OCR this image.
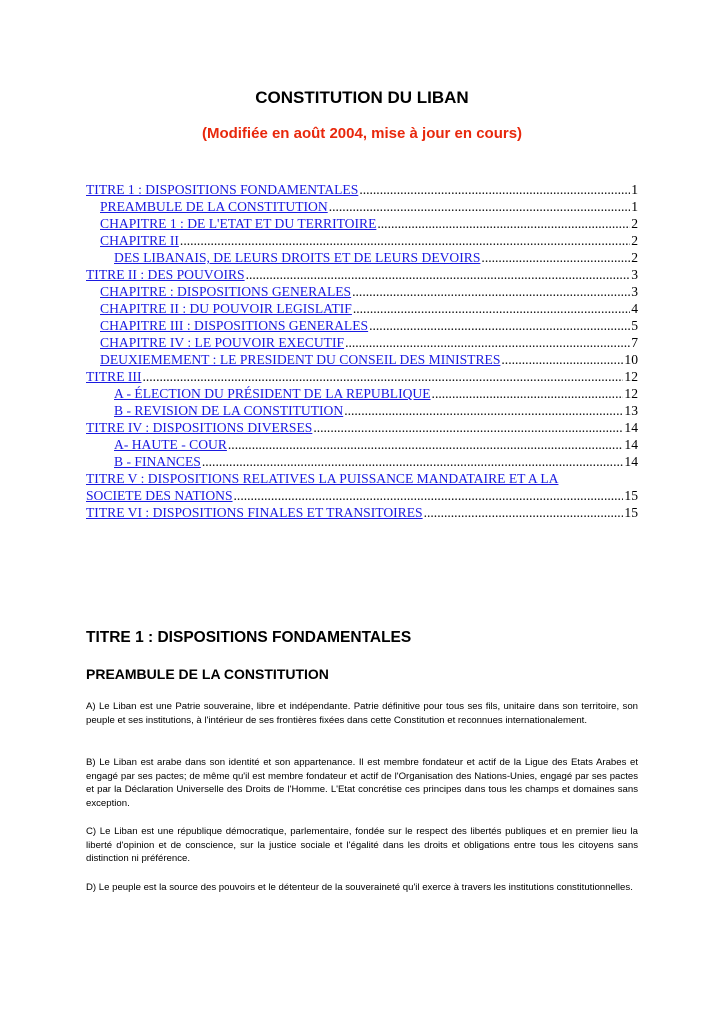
CONSTITUTION DU LIBAN
(Modifiée en août 2004, mise à jour en cours)
TITRE 1 : DISPOSITIONS FONDAMENTALES .....	1
PREAMBULE DE LA CONSTITUTION .....	1
CHAPITRE 1 : DE L'ETAT ET DU TERRITOIRE .....	2
CHAPITRE II .....	2
DES LIBANAIS, DE LEURS DROITS ET DE LEURS DEVOIRS .....	2
TITRE II : DES POUVOIRS .....	3
CHAPITRE : DISPOSITIONS GENERALES .....	3
CHAPITRE II : DU POUVOIR LEGISLATIF .....	4
CHAPITRE III : DISPOSITIONS GENERALES .....	5
CHAPITRE IV : LE POUVOIR EXECUTIF .....	7
DEUXIEMEMENT : LE PRESIDENT DU CONSEIL DES MINISTRES .....	10
TITRE III .....	12
A - ÉLECTION DU PRÉSIDENT DE LA REPUBLIQUE .....	12
B - REVISION DE LA CONSTITUTION .....	13
TITRE IV : DISPOSITIONS DIVERSES .....	14
A- HAUTE - COUR .....	14
B - FINANCES .....	14
TITRE V : DISPOSITIONS RELATIVES LA PUISSANCE MANDATAIRE ET A LA
SOCIETE DES NATIONS .....	15
TITRE VI : DISPOSITIONS FINALES ET TRANSITOIRES .....	15
TITRE 1 : DISPOSITIONS FONDAMENTALES
PREAMBULE DE LA CONSTITUTION
A) Le Liban est une Patrie souveraine, libre et indépendante. Patrie définitive pour tous ses fils, unitaire dans son territoire, son peuple et ses institutions, à l'intérieur de ses frontières fixées dans cette Constitution et reconnues internationalement.
B) Le Liban est arabe dans son identité et son appartenance. Il est membre fondateur et actif de la Ligue des Etats Arabes et engagé par ses pactes; de même qu'il est membre fondateur et actif de l'Organisation des Nations-Unies, engagé par ses pactes et par la Déclaration Universelle des Droits de l'Homme. L'Etat concrétise ces principes dans tous les champs et domaines sans exception.
C) Le Liban est une république démocratique, parlementaire, fondée sur le respect des libertés publiques et en premier lieu la liberté d'opinion et de conscience, sur la justice sociale et l'égalité dans les droits et obligations entre tous les citoyens sans distinction ni préférence.
D) Le peuple est la source des pouvoirs et le détenteur de la souveraineté qu'il exerce à travers les institutions constitutionnelles.
